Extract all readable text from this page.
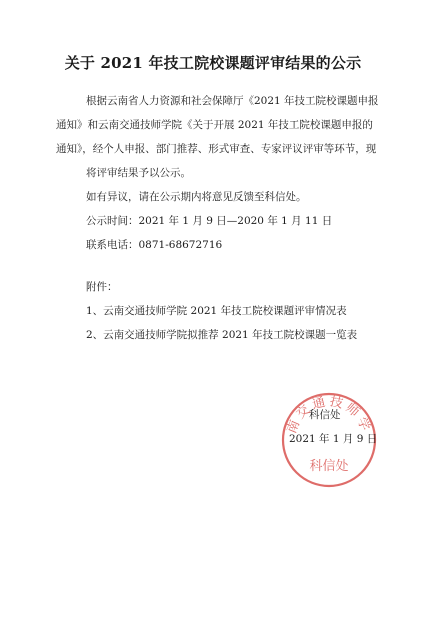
关于 2021 年技工院校课题评审结果的公示
根据云南省人力资源和社会保障厅《2021 年技工院校课题申报
通知》和云南交通技师学院《关于开展 2021 年技工院校课题申报的
通知》，经个人申报、部门推荐、形式审查、专家评议评审等环节，现
将评审结果予以公示。
如有异议，请在公示期内将意见反馈至科信处。
公示时间：2021 年 1 月 9 日—2020 年 1 月 11 日
联系电话：0871-68672716
附件：
1、云南交通技师学院 2021 年技工院校课题评审情况表
2、云南交通技师学院拟推荐 2021 年技工院校课题一览表
南交通技师学
科信处
科信处
2021 年 1 月 9 日
